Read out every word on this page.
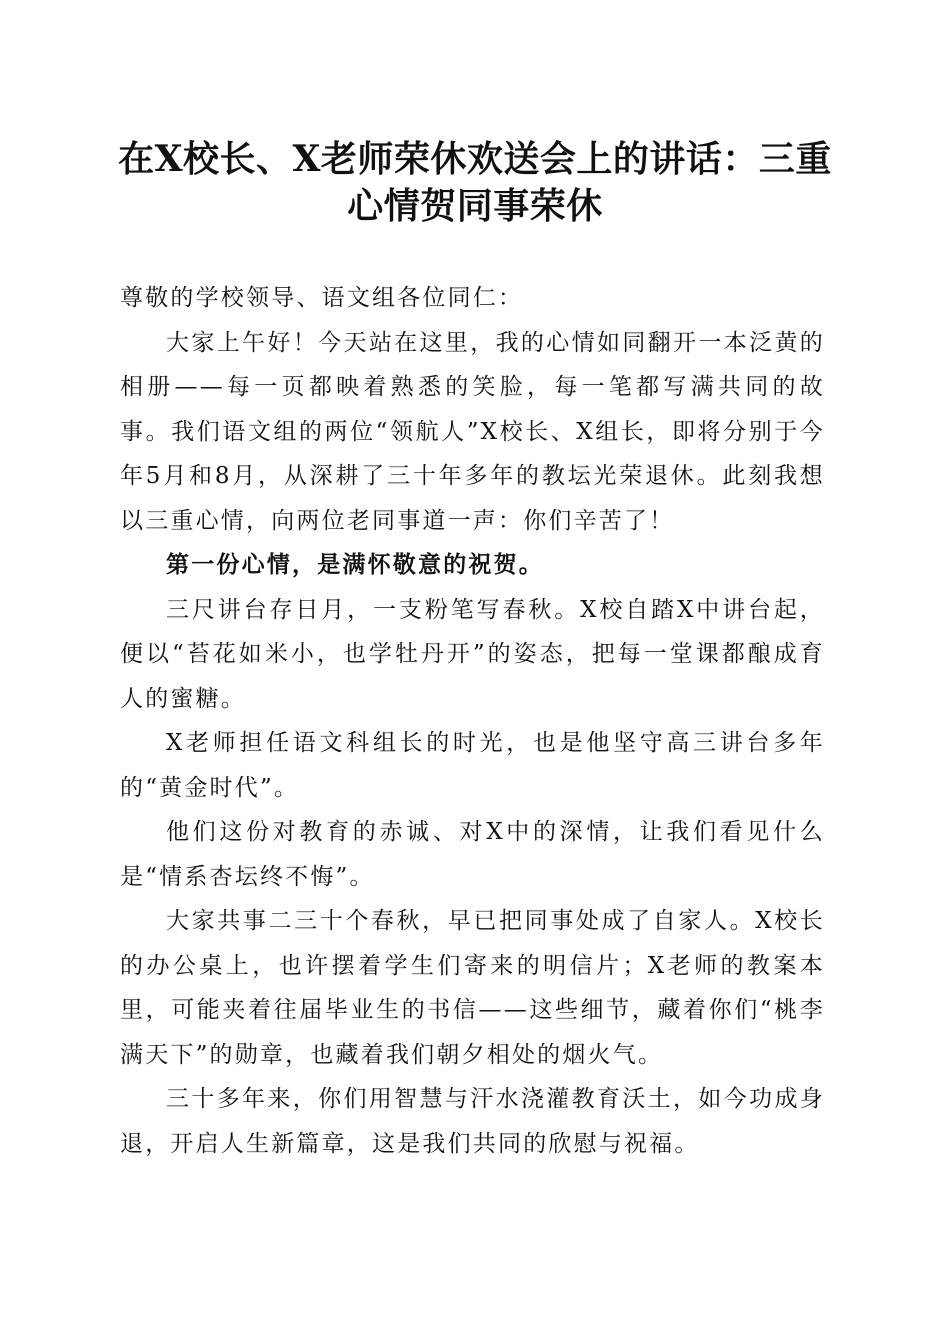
在X校长、X老师荣休欢送会上的讲话：三重心情贺同事荣休

尊敬的学校领导、语文组各位同仁：

大家上午好！今天站在这里，我的心情如同翻开一本泛黄的相册——每一页都映着熟悉的笑脸，每一笔都写满共同的故事。我们语文组的两位“领航人”X校长、X组长，即将分别于今年5月和8月，从深耕了三十年多年的教坛光荣退休。此刻我想以三重心情，向两位老同事道一声：你们辛苦了！

第一份心情，是满怀敬意的祝贺。

三尺讲台存日月，一支粉笔写春秋。X校自踏X中讲台起，便以“苔花如米小，也学牡丹开”的姿态，把每一堂课都酿成育人的蜜糖。

X老师担任语文科组长的时光，也是他坚守高三讲台多年的“黄金时代”。

他们这份对教育的赤诚、对X中的深情，让我们看见什么是“情系杏坛终不悔”。

大家共事二三十个春秋，早已把同事处成了自家人。X校长的办公桌上，也许摆着学生们寄来的明信片；X老师的教案本里，可能夹着往届毕业生的书信——这些细节，藏着你们“桃李满天下”的勋章，也藏着我们朝夕相处的烟火气。

三十多年来，你们用智慧与汗水浇灌教育沃土，如今功成身退，开启人生新篇章，这是我们共同的欣慰与祝福。
